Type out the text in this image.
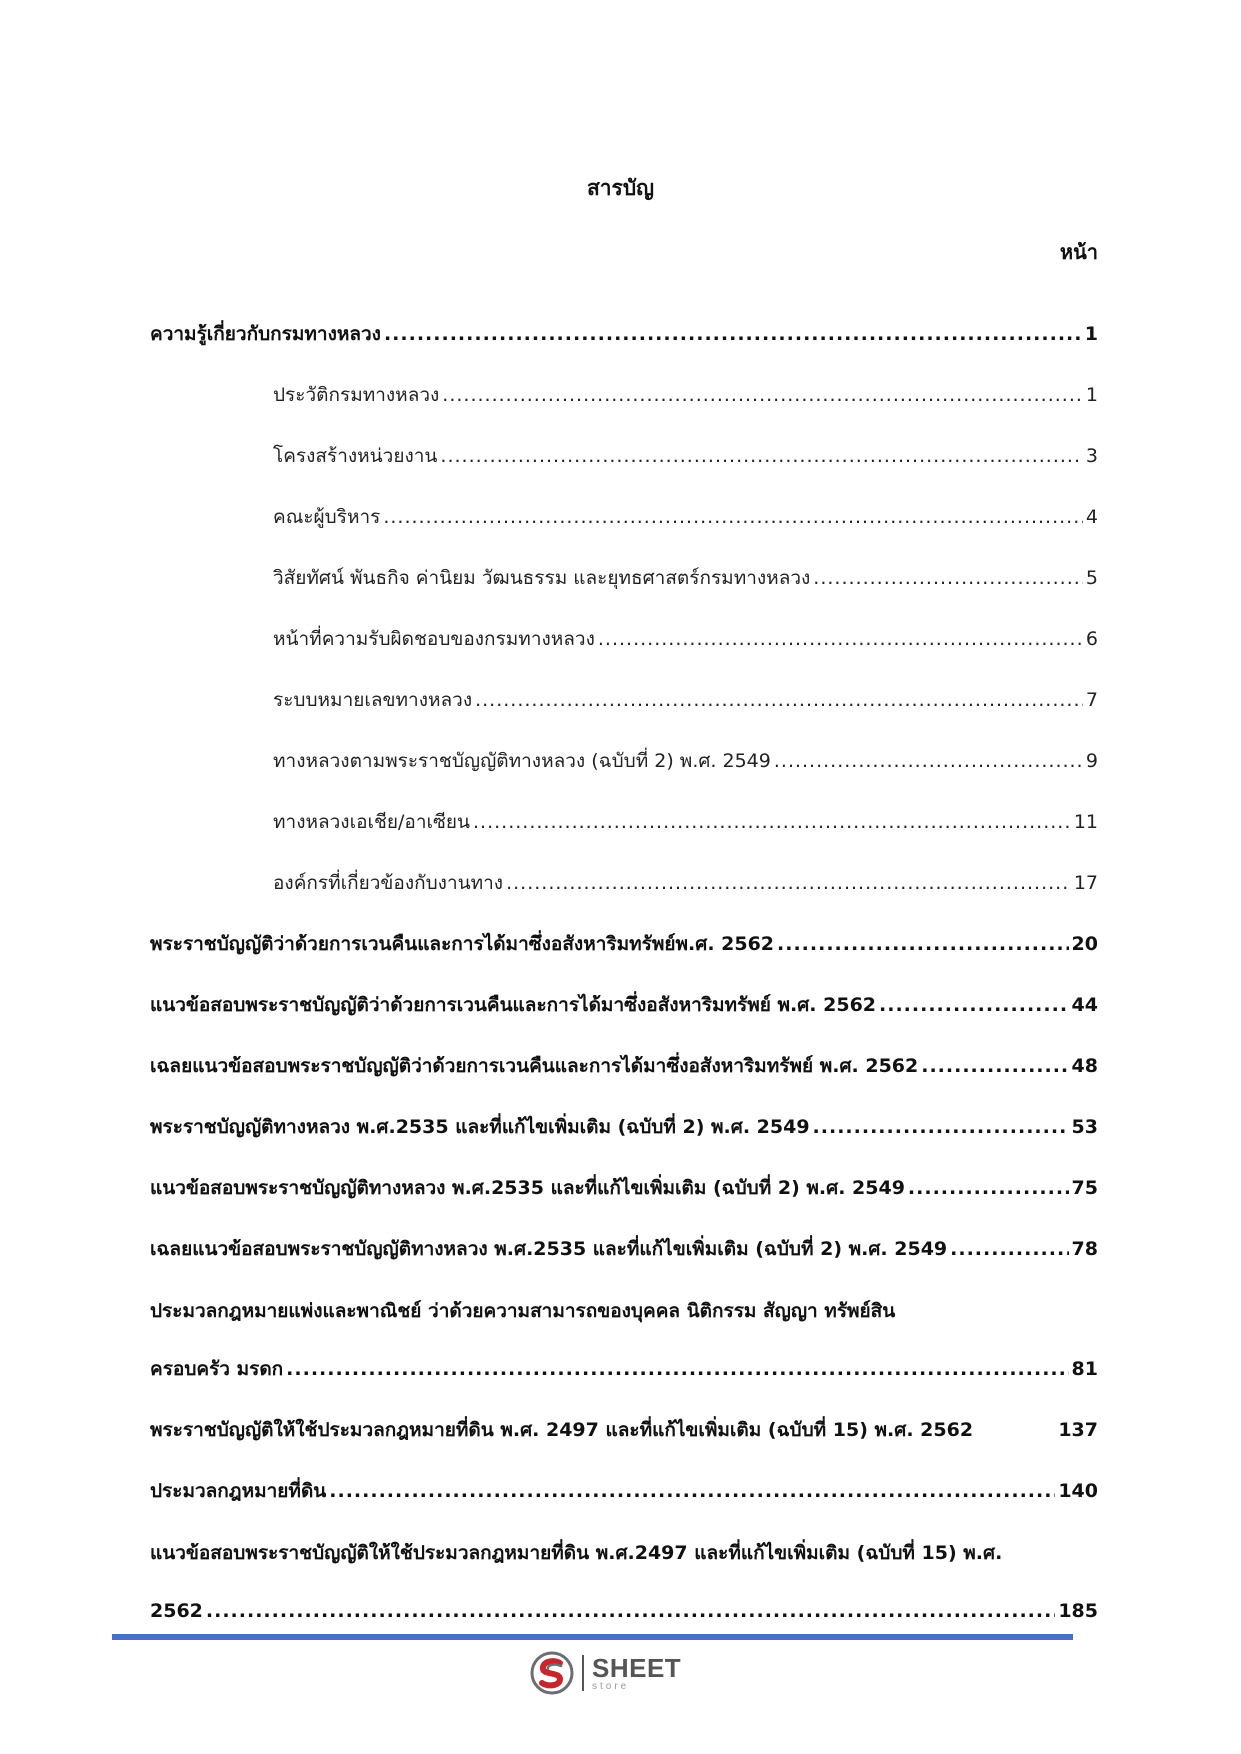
สารบัญ
หน้า
ความรู้เกี่ยวกับกรมทางหลวง .....	1
ประวัติกรมทางหลวง .....	1
โครงสร้างหน่วยงาน .....	3
คณะผู้บริหาร .....	4
วิสัยทัศน์ พันธกิจ ค่านิยม วัฒนธรรม และยุทธศาสตร์กรมทางหลวง .....	5
หน้าที่ความรับผิดชอบของกรมทางหลวง .....	6
ระบบหมายเลขทางหลวง .....	7
ทางหลวงตามพระราชบัญญัติทางหลวง (ฉบับที่ 2) พ.ศ. 2549 .....	9
ทางหลวงเอเชีย/อาเซียน .....	11
องค์กรที่เกี่ยวข้องกับงานทาง .....	17
พระราชบัญญัติว่าด้วยการเวนคืนและการได้มาซึ่งอสังหาริมทรัพย์พ.ศ. 2562 .....	20
แนวข้อสอบพระราชบัญญัติว่าด้วยการเวนคืนและการได้มาซึ่งอสังหาริมทรัพย์ พ.ศ. 2562 .....	44
เฉลยแนวข้อสอบพระราชบัญญัติว่าด้วยการเวนคืนและการได้มาซึ่งอสังหาริมทรัพย์ พ.ศ. 2562 .....	48
พระราชบัญญัติทางหลวง พ.ศ.2535 และที่แก้ไขเพิ่มเติม (ฉบับที่ 2) พ.ศ. 2549 .....	53
แนวข้อสอบพระราชบัญญัติทางหลวง พ.ศ.2535 และที่แก้ไขเพิ่มเติม (ฉบับที่ 2) พ.ศ. 2549 .....	75
เฉลยแนวข้อสอบพระราชบัญญัติทางหลวง พ.ศ.2535 และที่แก้ไขเพิ่มเติม (ฉบับที่ 2) พ.ศ. 2549 .....	78
ประมวลกฎหมายแพ่งและพาณิชย์ ว่าด้วยความสามารถของบุคคล นิติกรรม สัญญา ทรัพย์สิน
ครอบครัว มรดก .....	81
พระราชบัญญัติให้ใช้ประมวลกฎหมายที่ดิน พ.ศ. 2497 และที่แก้ไขเพิ่มเติม (ฉบับที่ 15) พ.ศ. 2562	137
ประมวลกฎหมายที่ดิน .....	140
แนวข้อสอบพระราชบัญญัติให้ใช้ประมวลกฎหมายที่ดิน พ.ศ.2497 และที่แก้ไขเพิ่มเติม (ฉบับที่ 15) พ.ศ.
2562 .....	185
SHEET
store
